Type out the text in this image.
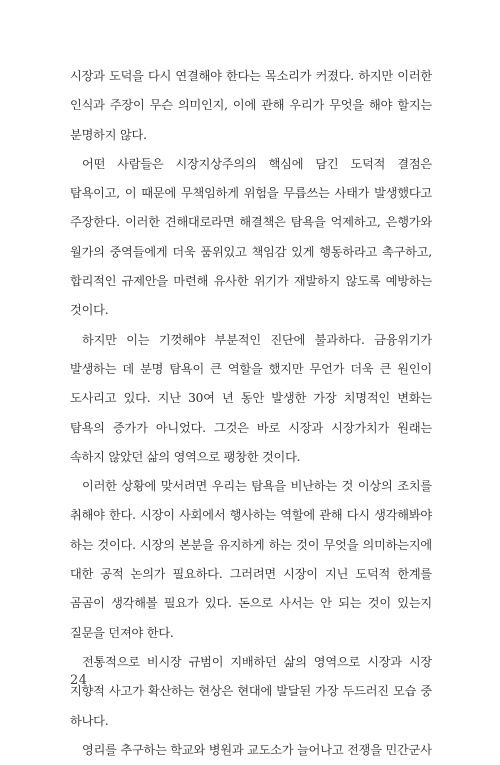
시장과 도덕을 다시 연결해야 한다는 목소리가 커졌다. 하지만 이러한 인식과 주장이 무슨 의미인지, 이에 관해 우리가 무엇을 해야 할지는 분명하지 않다.

어떤 사람들은 시장지상주의의 핵심에 담긴 도덕적 결점은 탐욕이고, 이 때문에 무책임하게 위험을 무릅쓰는 사태가 발생했다고 주장한다. 이러한 견해대로라면 해결책은 탐욕을 억제하고, 은행가와 월가의 중역들에게 더욱 품위있고 책임감 있게 행동하라고 촉구하고, 합리적인 규제안을 마련해 유사한 위기가 재발하지 않도록 예방하는 것이다.

하지만 이는 기껏해야 부분적인 진단에 불과하다. 금융위기가 발생하는 데 분명 탐욕이 큰 역할을 했지만 무언가 더욱 큰 원인이 도사리고 있다. 지난 30여 년 동안 발생한 가장 치명적인 변화는 탐욕의 증가가 아니었다. 그것은 바로 시장과 시장가치가 원래는 속하지 않았던 삶의 영역으로 팽창한 것이다.

이러한 상황에 맞서려면 우리는 탐욕을 비난하는 것 이상의 조치를 취해야 한다. 시장이 사회에서 행사하는 역할에 관해 다시 생각해봐야 하는 것이다. 시장의 본분을 유지하게 하는 것이 무엇을 의미하는지에 대한 공적 논의가 필요하다. 그러려면 시장이 지닌 도덕적 한계를 곰곰이 생각해볼 필요가 있다. 돈으로 사서는 안 되는 것이 있는지 질문을 던져야 한다.

전통적으로 비시장 규범이 지배하던 삶의 영역으로 시장과 시장 지향적 사고가 확산하는 현상은 현대에 발달된 가장 두드러진 모습 중 하나다.

영리를 추구하는 학교와 병원과 교도소가 늘어나고 전쟁을 민간군사

24
